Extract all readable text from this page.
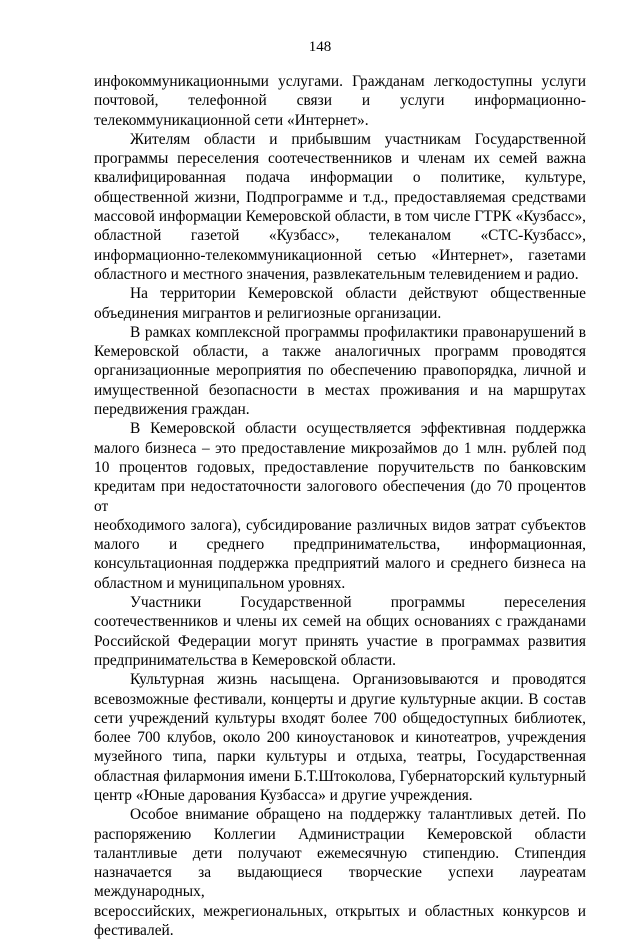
148
инфокоммуникационными услугами. Гражданам легкодоступны услуги
почтовой, телефонной связи и услуги информационно-
телекоммуникационной сети «Интернет».
Жителям области и прибывшим участникам Государственной
программы переселения соотечественников и членам их семей важна
квалифицированная подача информации о политике, культуре,
общественной жизни, Подпрограмме и т.д., предоставляемая средствами
массовой информации Кемеровской области, в том числе ГТРК «Кузбасс»,
областной газетой «Кузбасс», телеканалом «СТС-Кузбасс»,
информационно-телекоммуникационной сетью «Интернет», газетами
областного и местного значения, развлекательным телевидением и радио.
На территории Кемеровской области действуют общественные
объединения мигрантов и религиозные организации.
В рамках комплексной программы профилактики правонарушений в
Кемеровской области, а также аналогичных программ проводятся
организационные мероприятия по обеспечению правопорядка, личной и
имущественной безопасности в местах проживания и на маршрутах
передвижения граждан.
В Кемеровской области осуществляется эффективная поддержка
малого бизнеса – это предоставление микрозаймов до 1 млн. рублей под
10 процентов годовых, предоставление поручительств по банковским
кредитам при недостаточности залогового обеспечения (до 70 процентов от
необходимого залога), субсидирование различных видов затрат субъектов
малого и среднего предпринимательства, информационная,
консультационная поддержка предприятий малого и среднего бизнеса на
областном и муниципальном уровнях.
Участники Государственной программы переселения
соотечественников и члены их семей на общих основаниях с гражданами
Российской Федерации могут принять участие в программах развития
предпринимательства в Кемеровской области.
Культурная жизнь насыщена. Организовываются и проводятся
всевозможные фестивали, концерты и другие культурные акции. В состав
сети учреждений культуры входят более 700 общедоступных библиотек,
более 700 клубов, около 200 киноустановок и кинотеатров, учреждения
музейного типа, парки культуры и отдыха, театры, Государственная
областная филармония имени Б.Т.Штоколова, Губернаторский культурный
центр «Юные дарования Кузбасса» и другие учреждения.
Особое внимание обращено на поддержку талантливых детей. По
распоряжению Коллегии Администрации Кемеровской области
талантливые дети получают ежемесячную стипендию. Стипендия
назначается за выдающиеся творческие успехи лауреатам международных,
всероссийских, межрегиональных, открытых и областных конкурсов и
фестивалей.
